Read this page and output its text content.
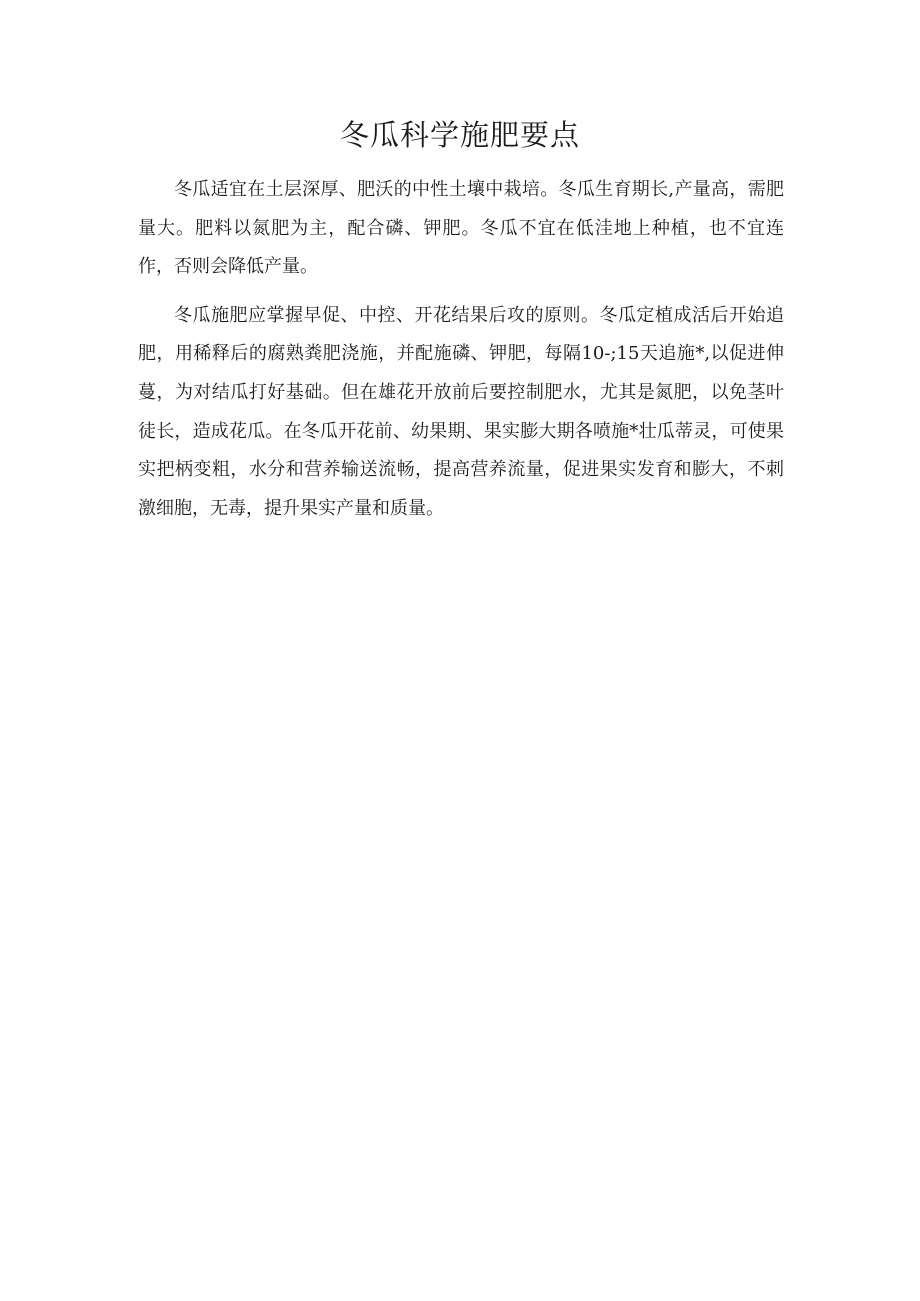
冬瓜科学施肥要点

冬瓜适宜在土层深厚、肥沃的中性土壤中栽培。冬瓜生育期长,产量高，需肥量大。肥料以氮肥为主，配合磷、钾肥。冬瓜不宜在低洼地上种植，也不宜连作，否则会降低产量。

冬瓜施肥应掌握早促、中控、开花结果后攻的原则。冬瓜定植成活后开始追肥，用稀释后的腐熟粪肥浇施，并配施磷、钾肥，每隔10-;15天追施*,以促进伸蔓，为对结瓜打好基础。但在雄花开放前后要控制肥水，尤其是氮肥，以免茎叶徒长，造成花瓜。在冬瓜开花前、幼果期、果实膨大期各喷施*壮瓜蒂灵，可使果实把柄变粗，水分和营养输送流畅，提高营养流量，促进果实发育和膨大，不刺激细胞，无毒，提升果实产量和质量。
